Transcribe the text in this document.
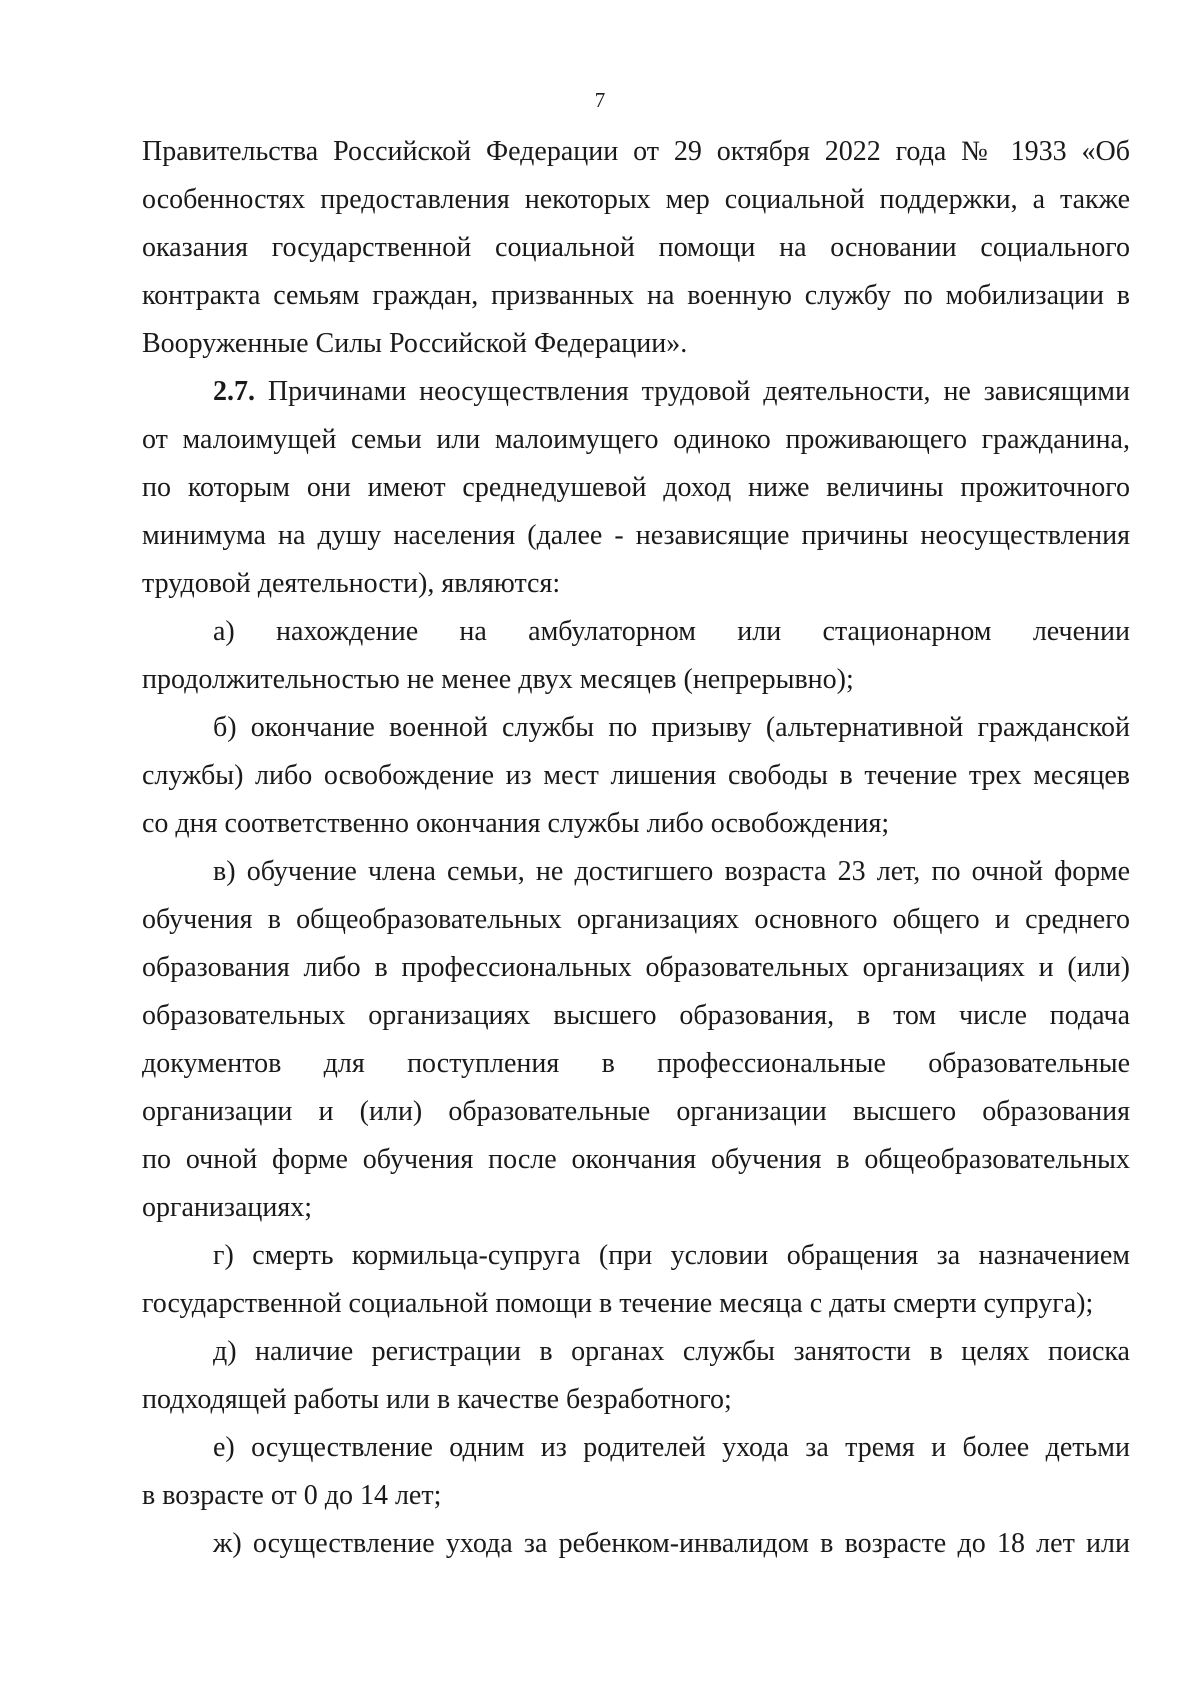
7
Правительства Российской Федерации от 29 октября 2022 года № 1933 «Об
особенностях предоставления некоторых мер социальной поддержки, а также
оказания государственной социальной помощи на основании социального
контракта семьям граждан, призванных на военную службу по мобилизации в
Вооруженные Силы Российской Федерации».
2.7. Причинами неосуществления трудовой деятельности, не зависящими
от малоимущей семьи или малоимущего одиноко проживающего гражданина,
по которым они имеют среднедушевой доход ниже величины прожиточного
минимума на душу населения (далее - независящие причины неосуществления
трудовой деятельности), являются:
а) нахождение на амбулаторном или стационарном лечении
продолжительностью не менее двух месяцев (непрерывно);
б) окончание военной службы по призыву (альтернативной гражданской
службы) либо освобождение из мест лишения свободы в течение трех месяцев
со дня соответственно окончания службы либо освобождения;
в) обучение члена семьи, не достигшего возраста 23 лет, по очной форме
обучения в общеобразовательных организациях основного общего и среднего
образования либо в профессиональных образовательных организациях и (или)
образовательных организациях высшего образования, в том числе подача
документов для поступления в профессиональные образовательные
организации и (или) образовательные организации высшего образования
по очной форме обучения после окончания обучения в общеобразовательных
организациях;
г) смерть кормильца-супруга (при условии обращения за назначением
государственной социальной помощи в течение месяца с даты смерти супруга);
д) наличие регистрации в органах службы занятости в целях поиска
подходящей работы или в качестве безработного;
е) осуществление одним из родителей ухода за тремя и более детьми
в возрасте от 0 до 14 лет;
ж) осуществление ухода за ребенком-инвалидом в возрасте до 18 лет или
